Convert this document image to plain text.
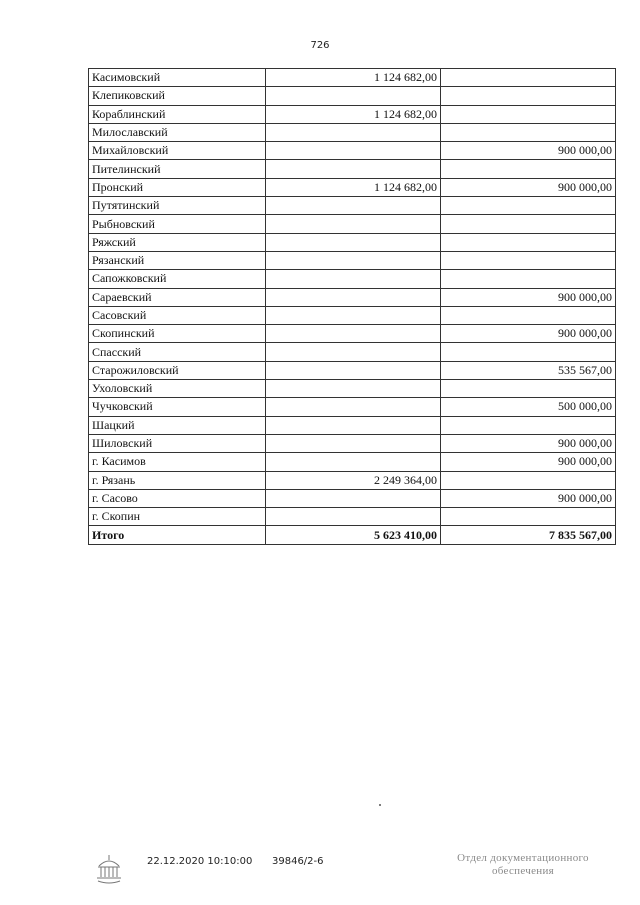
726
Касимовский	1 124 682,00	
Клепиковский		
Кораблинский	1 124 682,00	
Милославский		
Михайловский		900 000,00
Пителинский		
Пронский	1 124 682,00	900 000,00
Путятинский		
Рыбновский		
Ряжский		
Рязанский		
Сапожковский		
Сараевский		900 000,00
Сасовский		
Скопинский		900 000,00
Спасский		
Старожиловский		535 567,00
Ухоловский		
Чучковский		500 000,00
Шацкий		
Шиловский		900 000,00
г. Касимов		900 000,00
г. Рязань	2 249 364,00	
г. Сасово		900 000,00
г. Скопин		
Итого	5 623 410,00	7 835 567,00
22.12.2020 10:10:00 39846/2-6	Отдел документационного
обеспечения
